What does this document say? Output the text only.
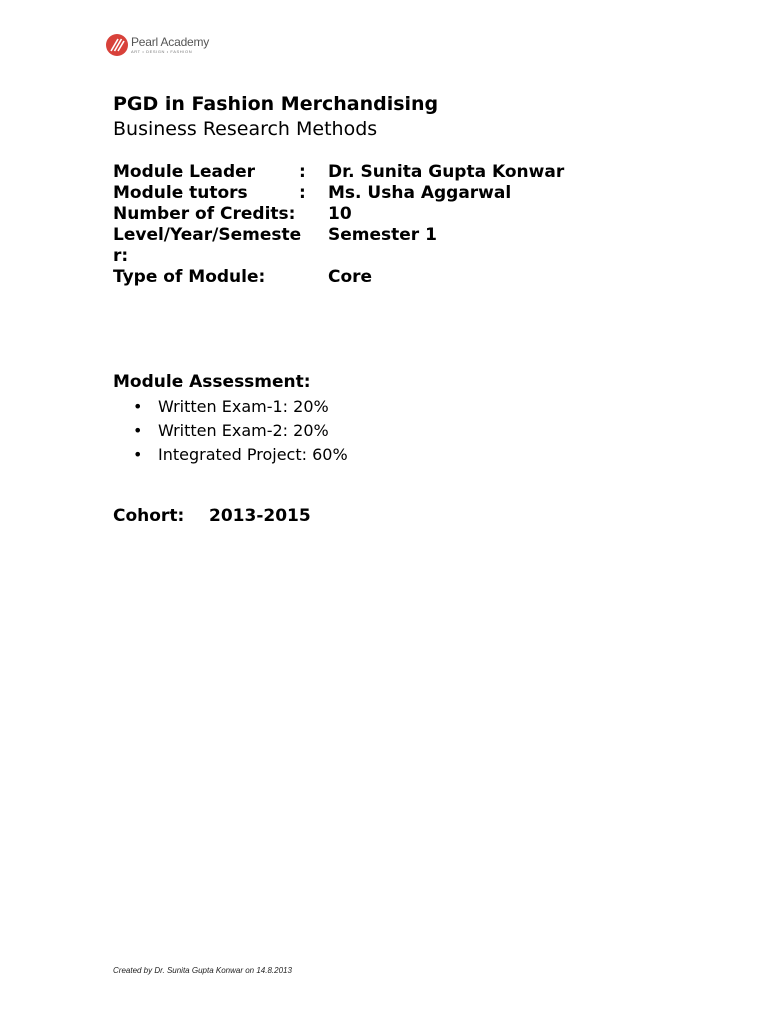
Pearl Academy
ART • DESIGN • FASHION
PGD in Fashion Merchandising
Business Research Methods
Module Leader	: Dr. Sunita Gupta Konwar
Module tutors	: Ms. Usha Aggarwal
Number of Credits: 10
Level/Year/Semester:
Semester 1
Type of Module:	Core
Module Assessment:
• Written Exam-1: 20%
• Written Exam-2: 20%
• Integrated Project: 60%
Cohort: 2013-2015
Created by Dr. Sunita Gupta Konwar on 14.8.2013
